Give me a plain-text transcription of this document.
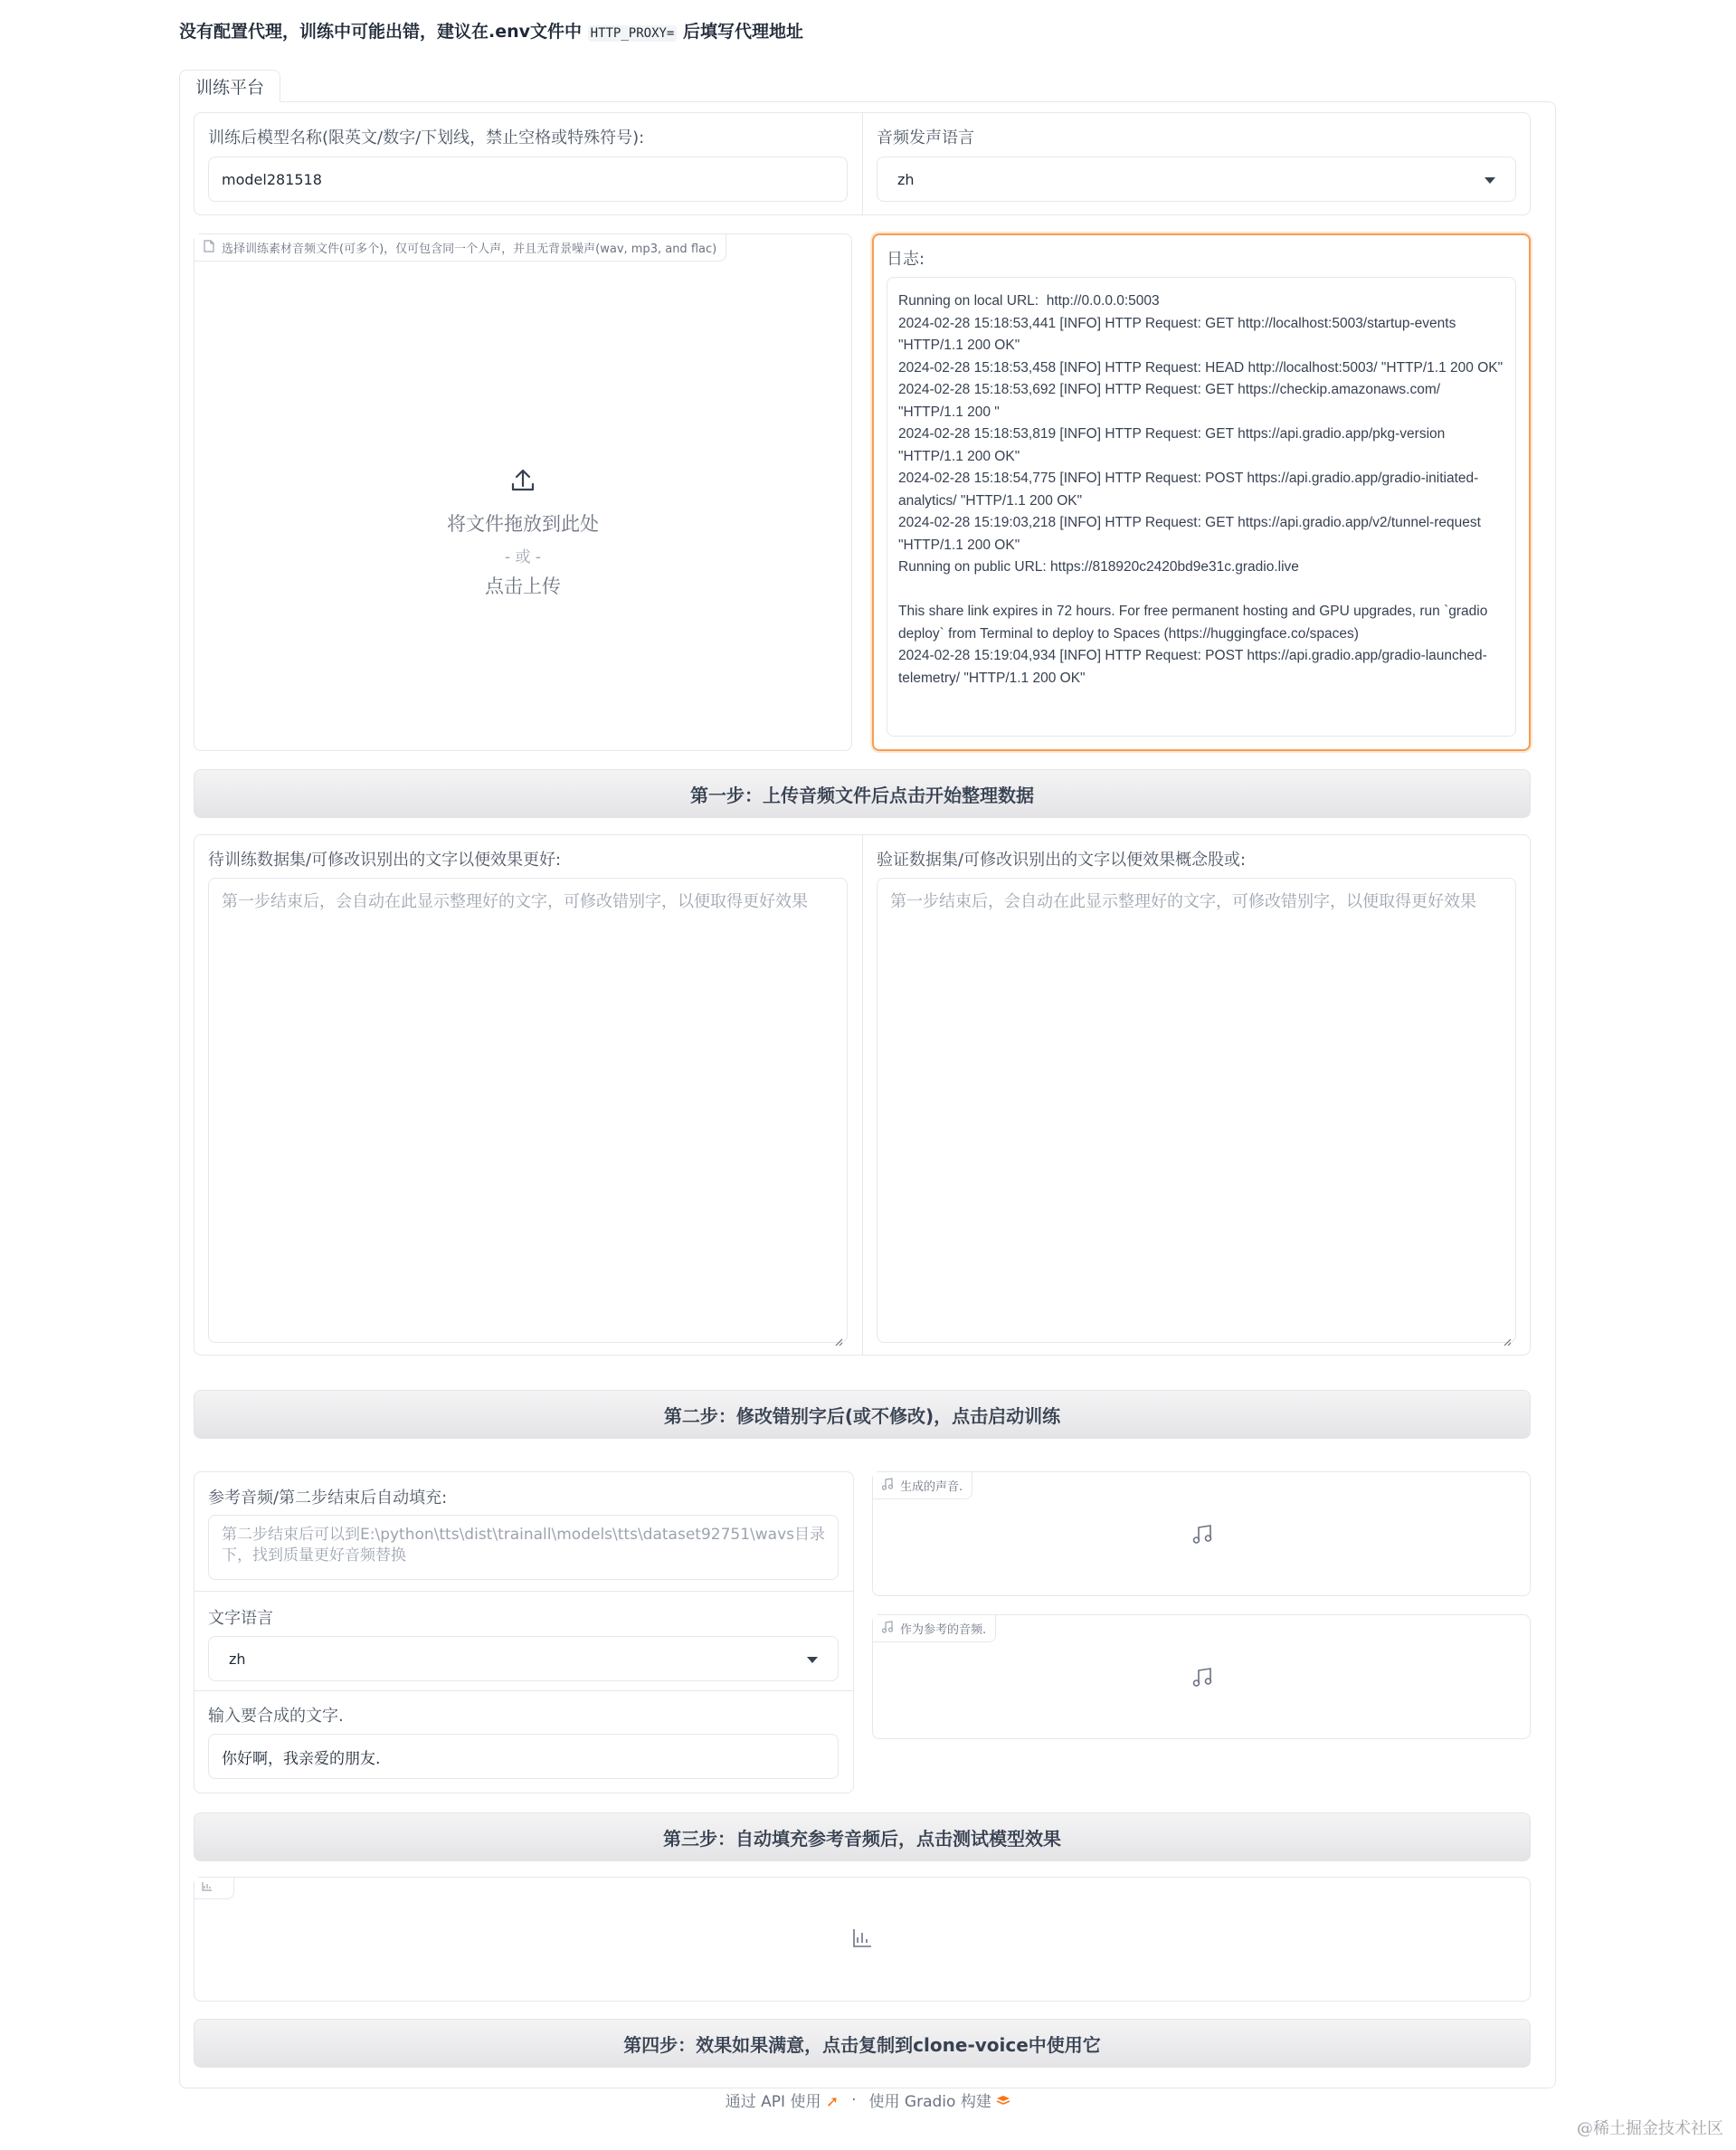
没有配置代理，训练中可能出错，建议在.env文件中 HTTP_PROXY= 后填写代理地址
训练平台
训练后模型名称(限英文/数字/下划线，禁止空格或特殊符号):
model281518
音频发声语言
zh
选择训练素材音频文件(可多个)，仅可包含同一个人声，并且无背景噪声(wav, mp3, and flac)
将文件拖放到此处
- 或 -
点击上传
日志:
Running on local URL:  http://0.0.0.0:5003
2024-02-28 15:18:53,441 [INFO] HTTP Request: GET http://localhost:5003/startup-events "HTTP/1.1 200 OK"
2024-02-28 15:18:53,458 [INFO] HTTP Request: HEAD http://localhost:5003/ "HTTP/1.1 200 OK"
2024-02-28 15:18:53,692 [INFO] HTTP Request: GET https://checkip.amazonaws.com/ "HTTP/1.1 200 "
2024-02-28 15:18:53,819 [INFO] HTTP Request: GET https://api.gradio.app/pkg-version "HTTP/1.1 200 OK"
2024-02-28 15:18:54,775 [INFO] HTTP Request: POST https://api.gradio.app/gradio-initiated-analytics/ "HTTP/1.1 200 OK"
2024-02-28 15:19:03,218 [INFO] HTTP Request: GET https://api.gradio.app/v2/tunnel-request "HTTP/1.1 200 OK"
Running on public URL: https://818920c2420bd9e31c.gradio.live
This share link expires in 72 hours. For free permanent hosting and GPU upgrades, run `gradio deploy` from Terminal to deploy to Spaces (https://huggingface.co/spaces)
2024-02-28 15:19:04,934 [INFO] HTTP Request: POST https://api.gradio.app/gradio-launched-telemetry/ "HTTP/1.1 200 OK"
第一步：上传音频文件后点击开始整理数据
待训练数据集/可修改识别出的文字以便效果更好:
第一步结束后，会自动在此显示整理好的文字，可修改错别字，以便取得更好效果
验证数据集/可修改识别出的文字以便效果概念股或:
第一步结束后，会自动在此显示整理好的文字，可修改错别字，以便取得更好效果
第二步：修改错别字后(或不修改)，点击启动训练
参考音频/第二步结束后自动填充:
第二步结束后可以到E:\python\tts\dist\trainall\models\tts\dataset92751\wavs目录下，找到质量更好音频替换
文字语言
zh
输入要合成的文字.
你好啊，我亲爱的朋友.
生成的声音.
作为参考的音频.
第三步：自动填充参考音频后，点击测试模型效果
第四步：效果如果满意，点击复制到clone-voice中使用它
通过 API 使用 ➚ · 使用 Gradio 构建
@稀土掘金技术社区
